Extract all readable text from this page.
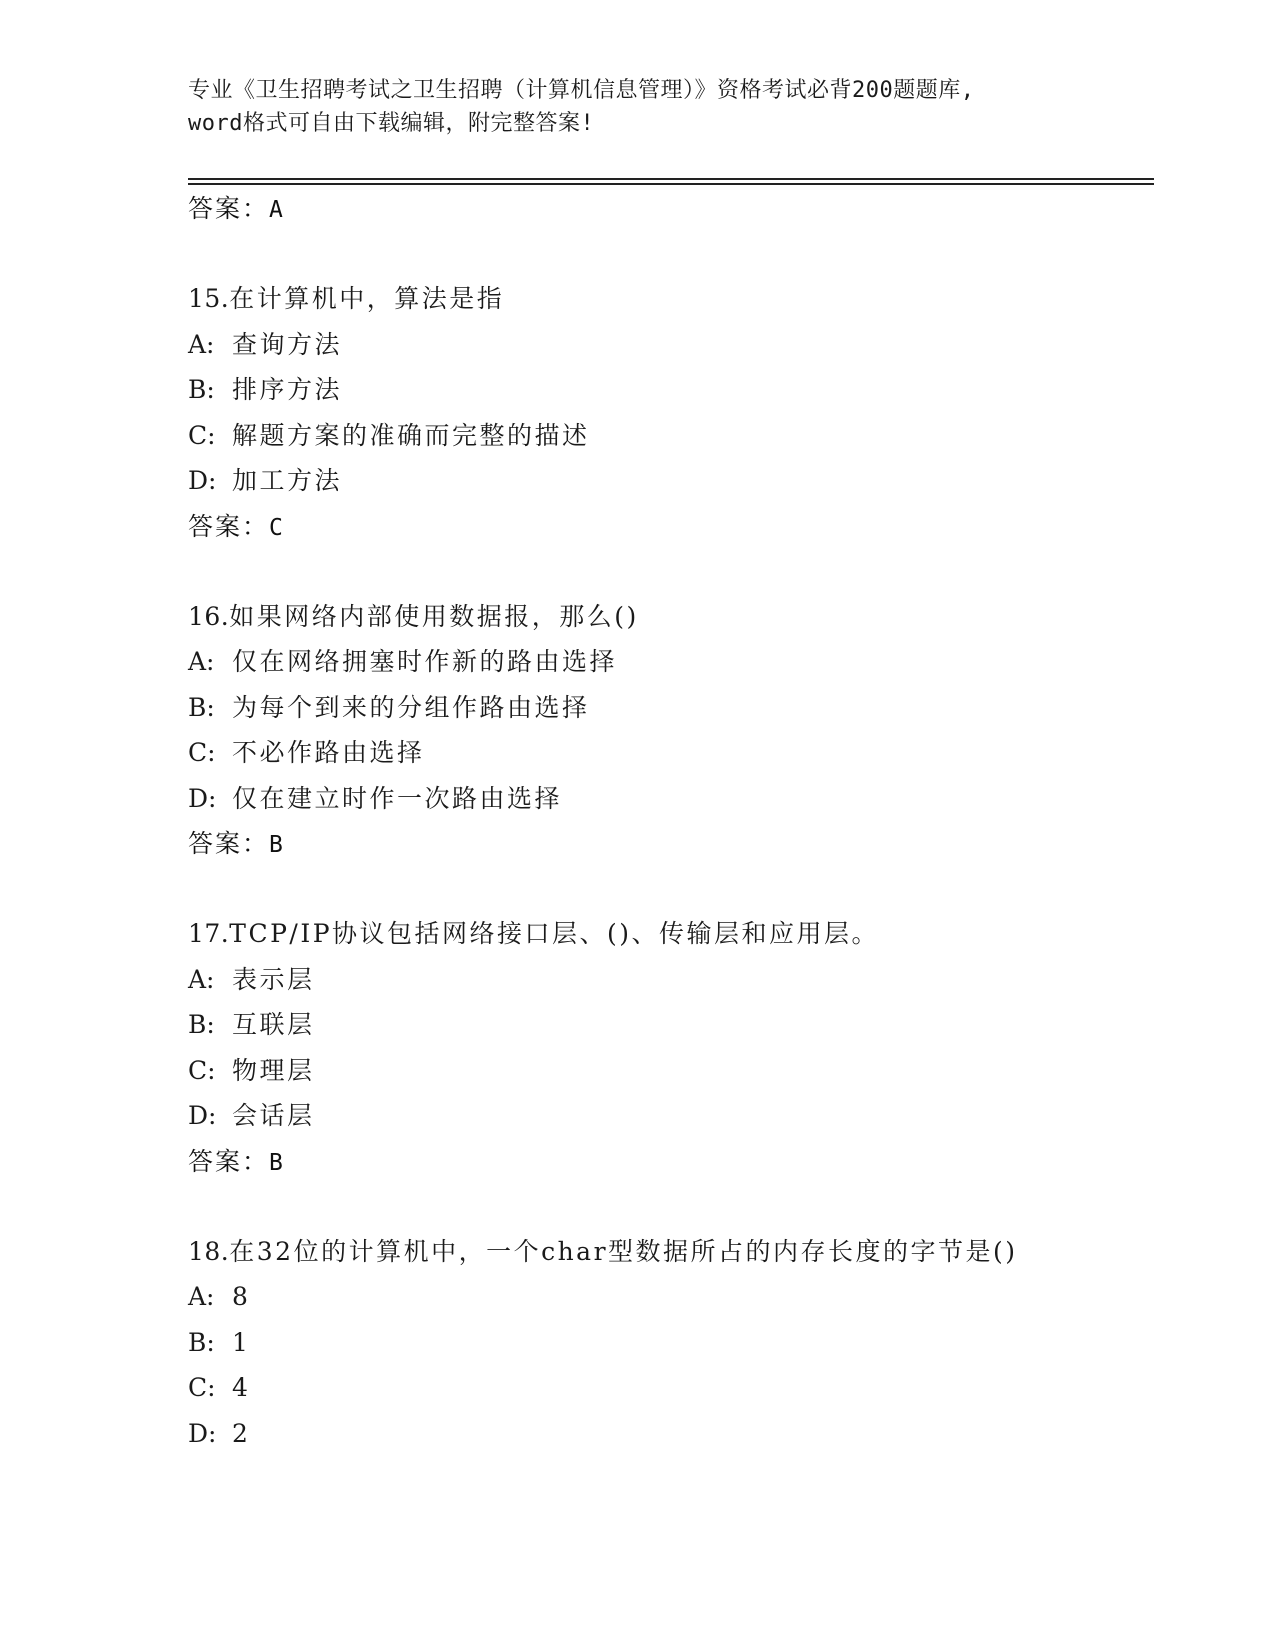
专业《卫生招聘考试之卫生招聘（计算机信息管理）》资格考试必背200题题库,
word格式可自由下载编辑，附完整答案!
答案：A
15.在计算机中，算法是指
A: 查询方法
B: 排序方法
C: 解题方案的准确而完整的描述
D: 加工方法
答案：C
16.如果网络内部使用数据报，那么()
A: 仅在网络拥塞时作新的路由选择
B: 为每个到来的分组作路由选择
C: 不必作路由选择
D: 仅在建立时作一次路由选择
答案：B
17.TCP/IP协议包括网络接口层、()、传输层和应用层。
A: 表示层
B: 互联层
C: 物理层
D: 会话层
答案：B
18.在32位的计算机中，一个char型数据所占的内存长度的字节是()
A: 8
B: 1
C: 4
D: 2
